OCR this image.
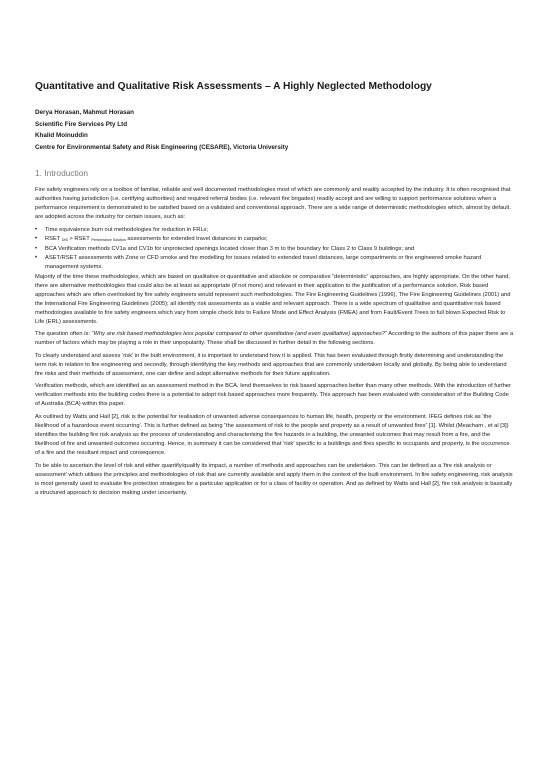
Quantitative and Qualitative Risk Assessments – A Highly Neglected Methodology
Derya Horasan, Mahmut Horasan
Scientific Fire Services Pty Ltd
Khalid Moinuddin
Centre for Environmental Safety and Risk Engineering (CESARE), Victoria University
1. Introduction

Fire safety engineers rely on a toolbox of familiar, reliable and well documented methodologies most of which are commonly and readily accepted by the industry. It is often recognised that authorities having jurisdiction (i.e. certifying authorities) and required referral bodies (i.e. relevant fire brigades) readily accept and are willing to support performance solutions when a performance requirement is demonstrated to be satisfied based on a validated and conventional approach. There are a wide range of deterministic methodologies which, almost by default, are adopted across the industry for certain issues, such as:

• Time equivalence burn out methodologies for reduction in FRLs;
• RSET $_{DtS}$ > RSET $_{Performance Solution}$ assessments for extended travel distances in carparks;
• BCA Verification methods CV1a and CV1b for unprotected openings located closer than 3 m to the boundary for Class 2 to Class 9 buildings; and
• ASET/RSET assessments with Zone or CFD smoke and fire modelling for issues related to extended travel distances, large compartments or fire engineered smoke hazard management systems.

Majority of the time these methodologies, which are based on qualitative or quantitative and absolute or comparative “deterministic” approaches, are highly appropriate. On the other hand, there are alternative methodologies that could also be at least as appropriate (if not more) and relevant in their application to the justification of a performance solution. Risk based approaches which are often overlooked by fire safety engineers would represent such methodologies. The Fire Engineering Guidelines (1996), The Fire Engineering Guidelines (2001) and the International Fire Engineering Guidelines (2005); all identify risk assessments as a viable and relevant approach. There is a wide spectrum of qualitative and quantitative risk based methodologies available to fire safety engineers which vary from simple check lists to Failure Mode and Effect Analysis (FMEA) and from Fault/Event Trees to full blown Expected Risk to Life (ERL) assessments.

The question often is: “Why are risk based methodologies less popular compared to other quantitative (and even qualitative) approaches?” According to the authors of this paper there are a number of factors which may be playing a role in their unpopularity. These shall be discussed in further detail in the following sections.

To clearly understand and assess ‘risk’ in the built environment, it is important to understand how it is applied. This has been evaluated through firstly determining and understanding the term risk in relation to fire engineering and secondly, through identifying the key methods and approaches that are commonly undertaken locally and globally. By being able to understand fire risks and their methods of assessment, one can define and adopt alternative methods for their future application.

Verification methods, which are identified as an assessment method in the BCA, lend themselves to risk based approaches better than many other methods. With the introduction of further verification methods into the building codes there is a potential to adopt risk based approaches more frequently. This approach has been evaluated with consideration of the Building Code of Australia (BCA) within this paper.

As outlined by Watts and Hall [2], risk is the potential for realisation of unwanted adverse consequences to human life, health, property or the environment. IFEG defines risk as ‘the likelihood of a hazardous event occurring’. This is further defined as being “the assessment of risk to the people and property as a result of unwanted fires” [1]. Whilst (Meacham , et al [3]) identifies the building fire risk analysis as the process of understanding and characterising the fire hazards in a building, the unwanted outcomes that may result from a fire, and the likelihood of fire and unwanted outcomes occurring. Hence, in summary it can be considered that ‘risk’ specific to a buildings and fires specific to occupants and property, is the occurrence of a fire and the resultant impact and consequence.

To be able to ascertain the level of risk and either quantify/qualify its impact, a number of methods and approaches can be undertaken. This can be defined as a ‘fire risk analysis or assessment’ which utilises the principles and methodologies of risk that are currently available and apply them in the context of the built environment. In fire safety engineering, risk analysis is most generally used to evaluate fire protection strategies for a particular application or for a class of facility or operation. And as defined by Watts and Hall [2], fire risk analysis is basically a structured approach to decision making under uncertainty.
